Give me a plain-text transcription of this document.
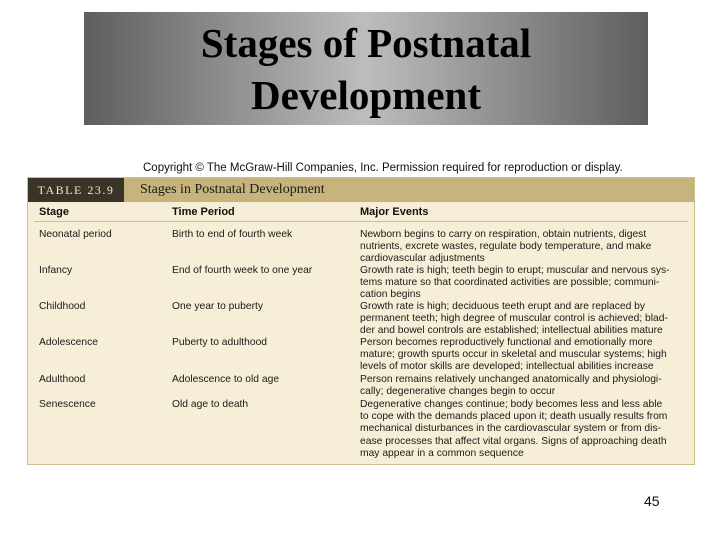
Stages of Postnatal
Development
Copyright © The McGraw-Hill Companies, Inc. Permission required for reproduction or display.
TABLE 23.9	Stages in Postnatal Development
Stage	Time Period	Major Events
Neonatal period	Birth to end of fourth week	Newborn begins to carry on respiration, obtain nutrients, digest
nutrients, excrete wastes, regulate body temperature, and make
cardiovascular adjustments
Infancy	End of fourth week to one year	Growth rate is high; teeth begin to erupt; muscular and nervous sys-
tems mature so that coordinated activities are possible; communi-
cation begins
Childhood	One year to puberty	Growth rate is high; deciduous teeth erupt and are replaced by
permanent teeth; high degree of muscular control is achieved; blad-
der and bowel controls are established; intellectual abilities mature
Adolescence	Puberty to adulthood	Person becomes reproductively functional and emotionally more
mature; growth spurts occur in skeletal and muscular systems; high
levels of motor skills are developed; intellectual abilities increase
Adulthood	Adolescence to old age	Person remains relatively unchanged anatomically and physiologi-
cally; degenerative changes begin to occur
Senescence	Old age to death	Degenerative changes continue; body becomes less and less able
to cope with the demands placed upon it; death usually results from
mechanical disturbances in the cardiovascular system or from dis-
ease processes that affect vital organs. Signs of approaching death
may appear in a common sequence
45
